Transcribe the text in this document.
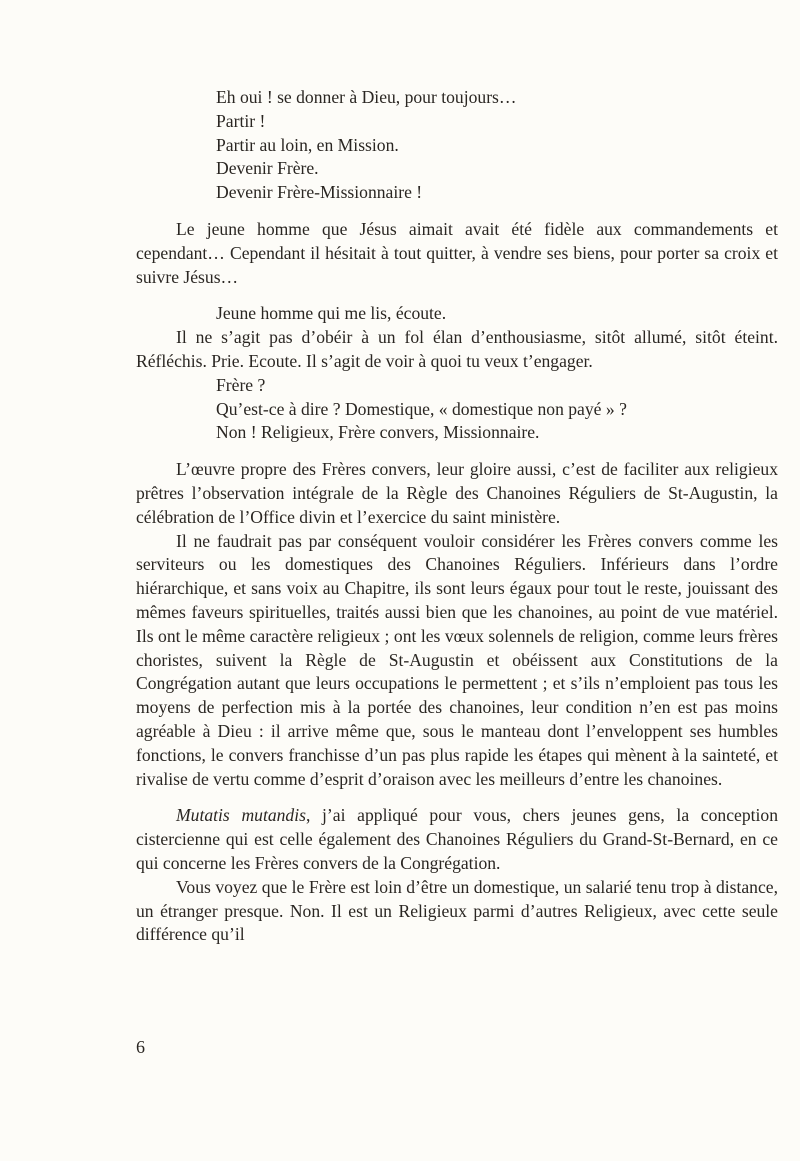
Eh oui ! se donner à Dieu, pour toujours…

Partir !

Partir au loin, en Mission.

Devenir Frère.

Devenir Frère-Missionnaire !

Le jeune homme que Jésus aimait avait été fidèle aux commandements et cependant… Cependant il hésitait à tout quitter, à vendre ses biens, pour porter sa croix et suivre Jésus…

Jeune homme qui me lis, écoute.

Il ne s’agit pas d’obéir à un fol élan d’enthousiasme, sitôt allumé, sitôt éteint. Réfléchis. Prie. Ecoute. Il s’agit de voir à quoi tu veux t’engager.

Frère ?

Qu’est-ce à dire ? Domestique, « domestique non payé » ?

Non ! Religieux, Frère convers, Missionnaire.

L’œuvre propre des Frères convers, leur gloire aussi, c’est de faciliter aux religieux prêtres l’observation intégrale de la Règle des Chanoines Réguliers de St-Augustin, la célébration de l’Office divin et l’exercice du saint ministère.

Il ne faudrait pas par conséquent vouloir considérer les Frères convers comme les serviteurs ou les domestiques des Chanoines Réguliers. Inférieurs dans l’ordre hiérarchique, et sans voix au Chapitre, ils sont leurs égaux pour tout le reste, jouissant des mêmes faveurs spirituelles, traités aussi bien que les chanoines, au point de vue matériel. Ils ont le même caractère religieux ; ont les vœux solennels de religion, comme leurs frères choristes, suivent la Règle de St-Augustin et obéissent aux Constitutions de la Congrégation autant que leurs occupations le permettent ; et s’ils n’emploient pas tous les moyens de perfection mis à la portée des chanoines, leur condition n’en est pas moins agréable à Dieu : il arrive même que, sous le manteau dont l’enveloppent ses humbles fonctions, le convers franchisse d’un pas plus rapide les étapes qui mènent à la sainteté, et rivalise de vertu comme d’esprit d’oraison avec les meilleurs d’entre les chanoines.

Mutatis mutandis, j’ai appliqué pour vous, chers jeunes gens, la conception cistercienne qui est celle également des Chanoines Réguliers du Grand-St-Bernard, en ce qui concerne les Frères convers de la Congrégation.

Vous voyez que le Frère est loin d’être un domestique, un salarié tenu trop à distance, un étranger presque. Non. Il est un Religieux parmi d’autres Religieux, avec cette seule différence qu’il

6
